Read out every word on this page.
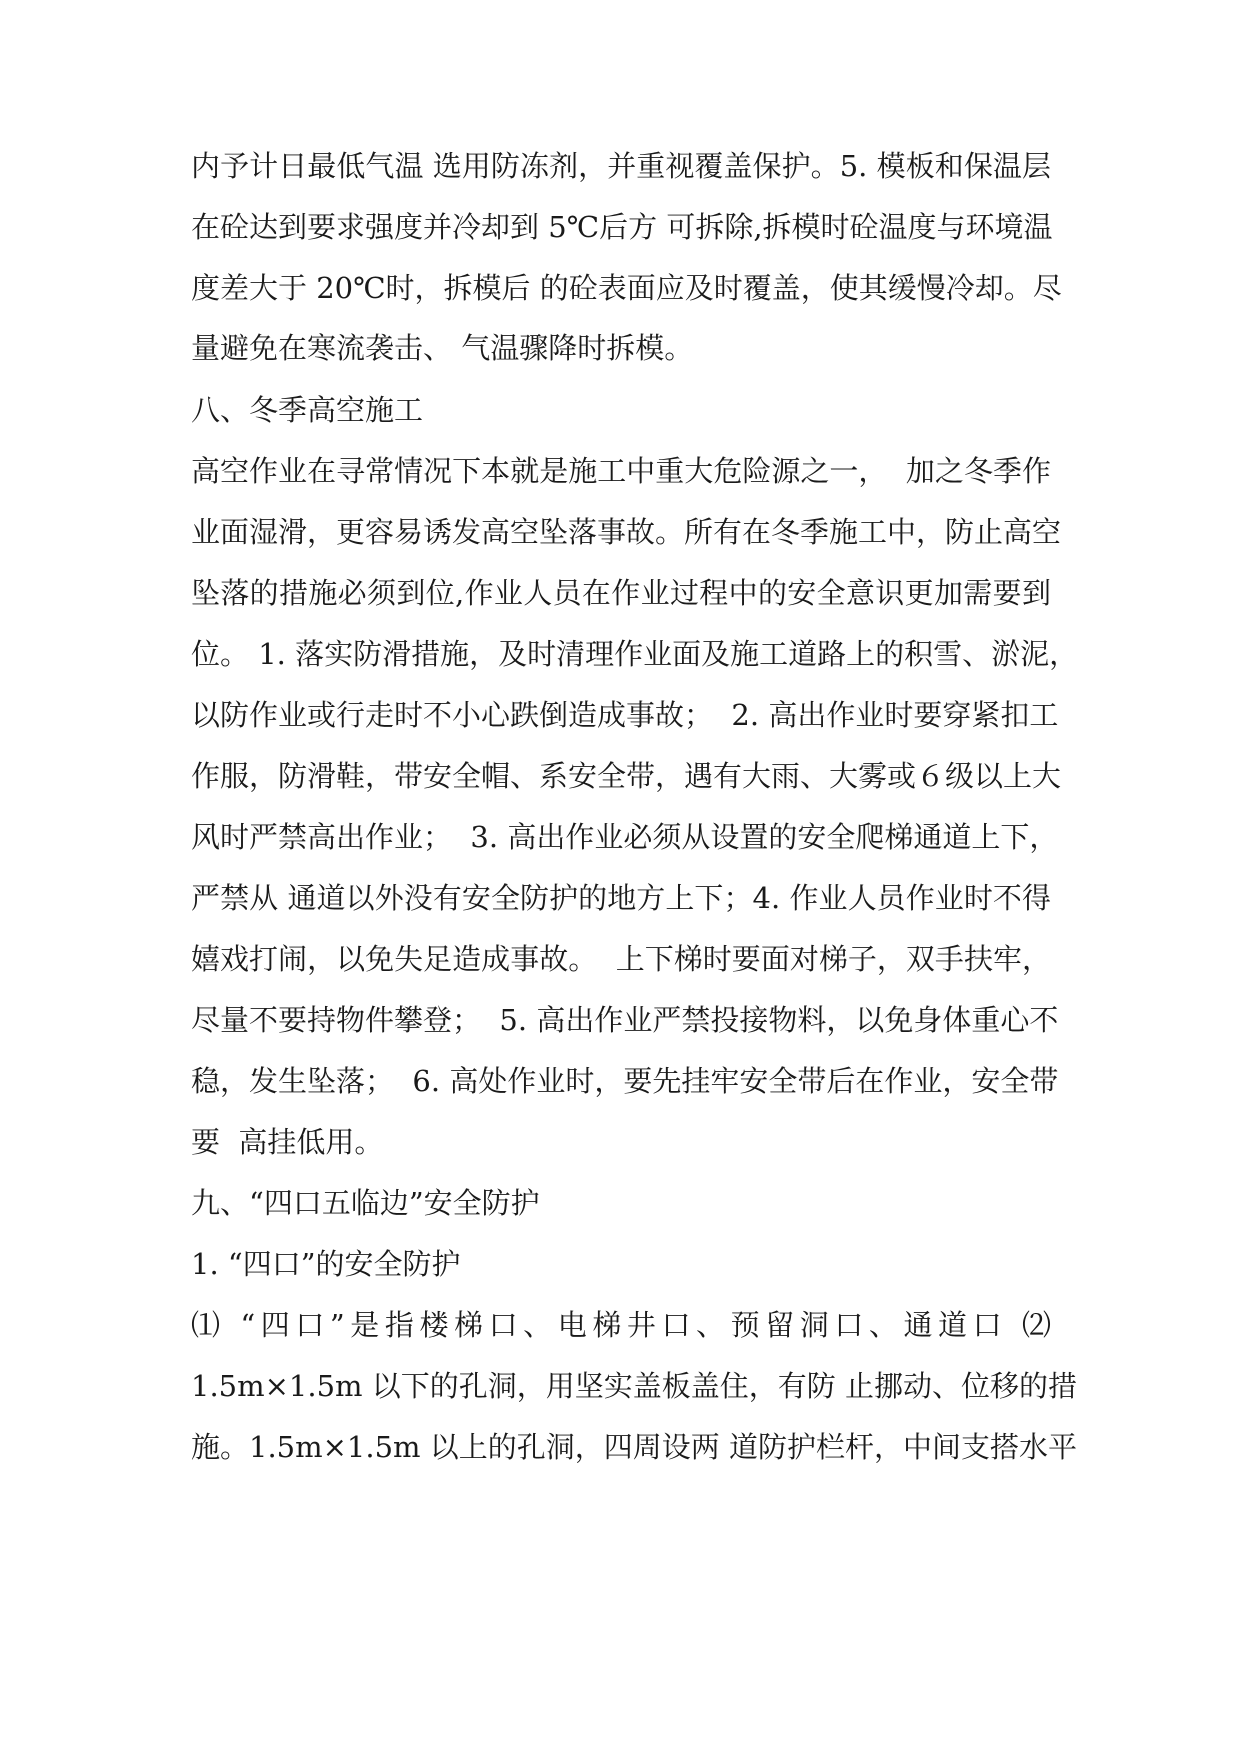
内予计日最低气温 选用防冻剂，并重视覆盖保护。5. 模板和保温层
在砼达到要求强度并冷却到 5℃后方 可拆除,拆模时砼温度与环境温
度差大于 20℃时，拆模后 的砼表面应及时覆盖，使其缓慢冷却。尽
量避免在寒流袭击、 气温骤降时拆模。
八、冬季高空施工
高空作业在寻常情况下本就是施工中重大危险源之一，  加之冬季作
业面湿滑，更容易诱发高空坠落事故。所有在冬季施工中，防止高空
坠落的措施必须到位,作业人员在作业过程中的安全意识更加需要到
位。 1. 落实防滑措施，及时清理作业面及施工道路上的积雪、淤泥，
以防作业或行走时不小心跌倒造成事故；  2. 高出作业时要穿紧扣工
作服，防滑鞋，带安全帽、系安全带，遇有大雨、大雾或６级以上大
风时严禁高出作业；  3. 高出作业必须从设置的安全爬梯通道上下，
严禁从 通道以外没有安全防护的地方上下；4. 作业人员作业时不得
嬉戏打闹，以免失足造成事故。  上下梯时要面对梯子，双手扶牢，
尽量不要持物件攀登；  5. 高出作业严禁投接物料，以免身体重心不
稳，发生坠落；  6. 高处作业时，要先挂牢安全带后在作业，安全带
要  高挂低用。
九、“四口五临边”安全防护
1. “四口”的安全防护
⑴ “四口”是指楼梯口、电梯井口、预留洞口、通道口 ⑵
1.5m×1.5m 以下的孔洞，用坚实盖板盖住，有防 止挪动、位移的措
施。1.5m×1.5m 以上的孔洞，四周设两 道防护栏杆，中间支搭水平
